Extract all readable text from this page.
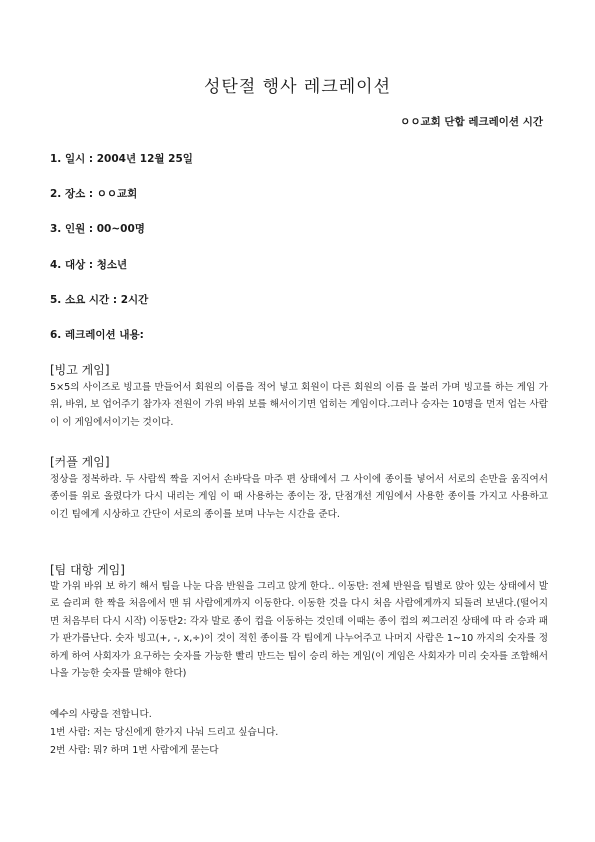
성탄절 행사 레크레이션
ㅇㅇ교회 단합 레크레이션 시간
1. 일시 : 2004년 12월 25일
2. 장소 : ㅇㅇ교회
3. 인원 : 00~00명
4. 대상 : 청소년
5. 소요 시간 : 2시간
6. 레크레이션 내용:
[빙고 게임]

5×5의 사이즈로 빙고를 만들어서 회원의 이름을 적어 넣고 회원이 다른 회원의 이름 을 불러 가며 빙고를 하는 게임 가위, 바위, 보 업어주기 참가자 전원이 가위 바위 보를 해서이기면 업히는 게임이다.그러나 승자는 10명을 먼저 업는 사람이 이 게임에서이기는 것이다.

[커플 게임]

정상을 정복하라. 두 사람씩 짝을 지어서 손바닥을 마주 편 상태에서 그 사이에 종이를 넣어서 서로의 손만을 움직여서 종이를 위로 올렸다가 다시 내리는 게임 이 때 사용하는 종이는 장, 단점개선 게임에서 사용한 종이를 가지고 사용하고 이긴 팀에게 시상하고 간단이 서로의 종이를 보며 나누는 시간을 준다.

[팀 대항 게임]

발 가위 바위 보 하기 해서 팀을 나눈 다음 반원을 그리고 앉게 한다.. 이동탄: 전체 반원을 팀별로 앉아 있는 상태에서 발로 슬리퍼 한 짝을 처음에서 맨 뒤 사람에게까지 이동한다. 이동한 것을 다시 처음 사람에게까지 되돌려 보낸다.(떨어지면 처음부터 다시 시작) 이동탄2: 각자 발로 종이 컵을 이동하는 것인데 이때는 종이 컵의 찌그러진 상태에 따 라 승과 패가 판가름난다. 숫자 빙고(+, -, x,÷)이 것이 적힌 종이를 각 팀에게 나누어주고 나머지 사람은 1~10 까지의 숫자를 정하게 하여 사회자가 요구하는 숫자를 가능한 빨리 만드는 팀이 승리 하는 게임(이 게임은 사회자가 미리 숫자를 조합해서 나올 가능한 숫자를 말해야 한다)

예수의 사랑을 전합니다.
1번 사람: 저는 당신에게 한가지 나눠 드리고 싶습니다.
2번 사람: 뭐? 하며 1번 사람에게 묻는다
